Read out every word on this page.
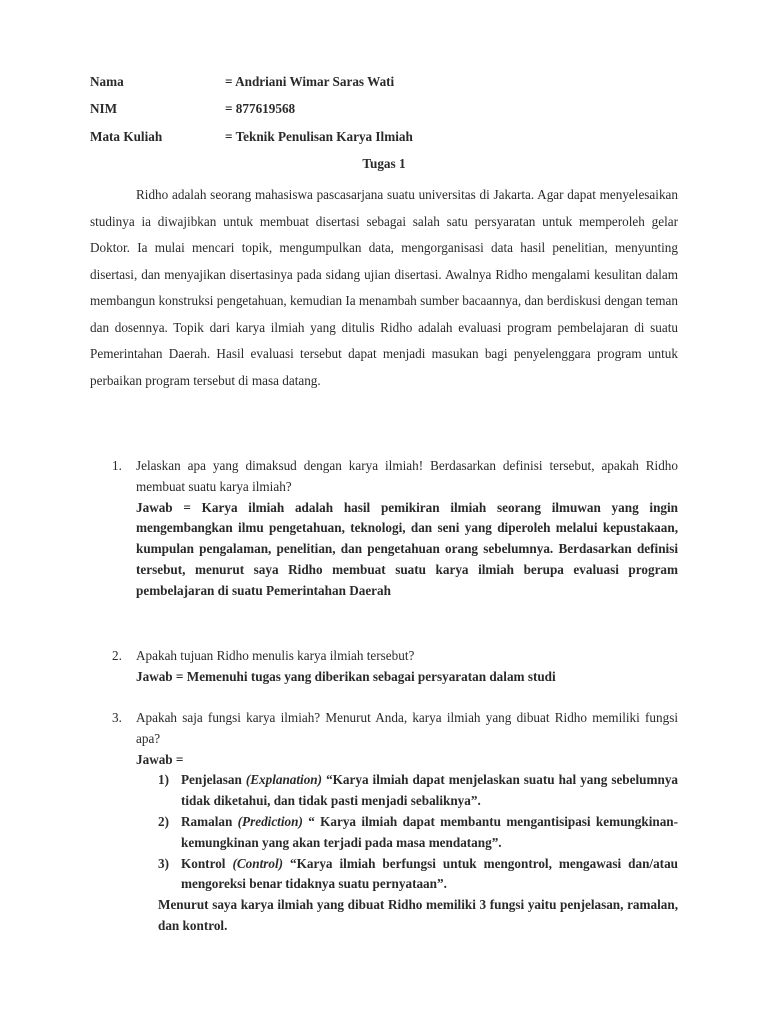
Nama	= Andriani Wimar Saras Wati
NIM	= 877619568
Mata Kuliah	= Teknik Penulisan Karya Ilmiah
Tugas 1
Ridho adalah seorang mahasiswa pascasarjana suatu universitas di Jakarta. Agar dapat menyelesaikan studinya ia diwajibkan untuk membuat disertasi sebagai salah satu persyaratan untuk memperoleh gelar Doktor. Ia mulai mencari topik, mengumpulkan data, mengorganisasi data hasil penelitian, menyunting disertasi, dan menyajikan disertasinya pada sidang ujian disertasi. Awalnya Ridho mengalami kesulitan dalam membangun konstruksi pengetahuan, kemudian Ia menambah sumber bacaannya, dan berdiskusi dengan teman dan dosennya. Topik dari karya ilmiah yang ditulis Ridho adalah evaluasi program pembelajaran di suatu Pemerintahan Daerah. Hasil evaluasi tersebut dapat menjadi masukan bagi penyelenggara program untuk perbaikan program tersebut di masa datang.
1. Jelaskan apa yang dimaksud dengan karya ilmiah! Berdasarkan definisi tersebut, apakah Ridho membuat suatu karya ilmiah?
Jawab = Karya ilmiah adalah hasil pemikiran ilmiah seorang ilmuwan yang ingin mengembangkan ilmu pengetahuan, teknologi, dan seni yang diperoleh melalui kepustakaan, kumpulan pengalaman, penelitian, dan pengetahuan orang sebelumnya. Berdasarkan definisi tersebut, menurut saya Ridho membuat suatu karya ilmiah berupa evaluasi program pembelajaran di suatu Pemerintahan Daerah
2. Apakah tujuan Ridho menulis karya ilmiah tersebut?
Jawab = Memenuhi tugas yang diberikan sebagai persyaratan dalam studi
3. Apakah saja fungsi karya ilmiah? Menurut Anda, karya ilmiah yang dibuat Ridho memiliki fungsi apa?
Jawab =
1) Penjelasan (Explanation) “Karya ilmiah dapat menjelaskan suatu hal yang sebelumnya tidak diketahui, dan tidak pasti menjadi sebaliknya”.
2) Ramalan (Prediction) “ Karya ilmiah dapat membantu mengantisipasi kemungkinan- kemungkinan yang akan terjadi pada masa mendatang”.
3) Kontrol (Control) “Karya ilmiah berfungsi untuk mengontrol, mengawasi dan/atau mengoreksi benar tidaknya suatu pernyataan”.
Menurut saya karya ilmiah yang dibuat Ridho memiliki 3 fungsi yaitu penjelasan, ramalan, dan kontrol.
